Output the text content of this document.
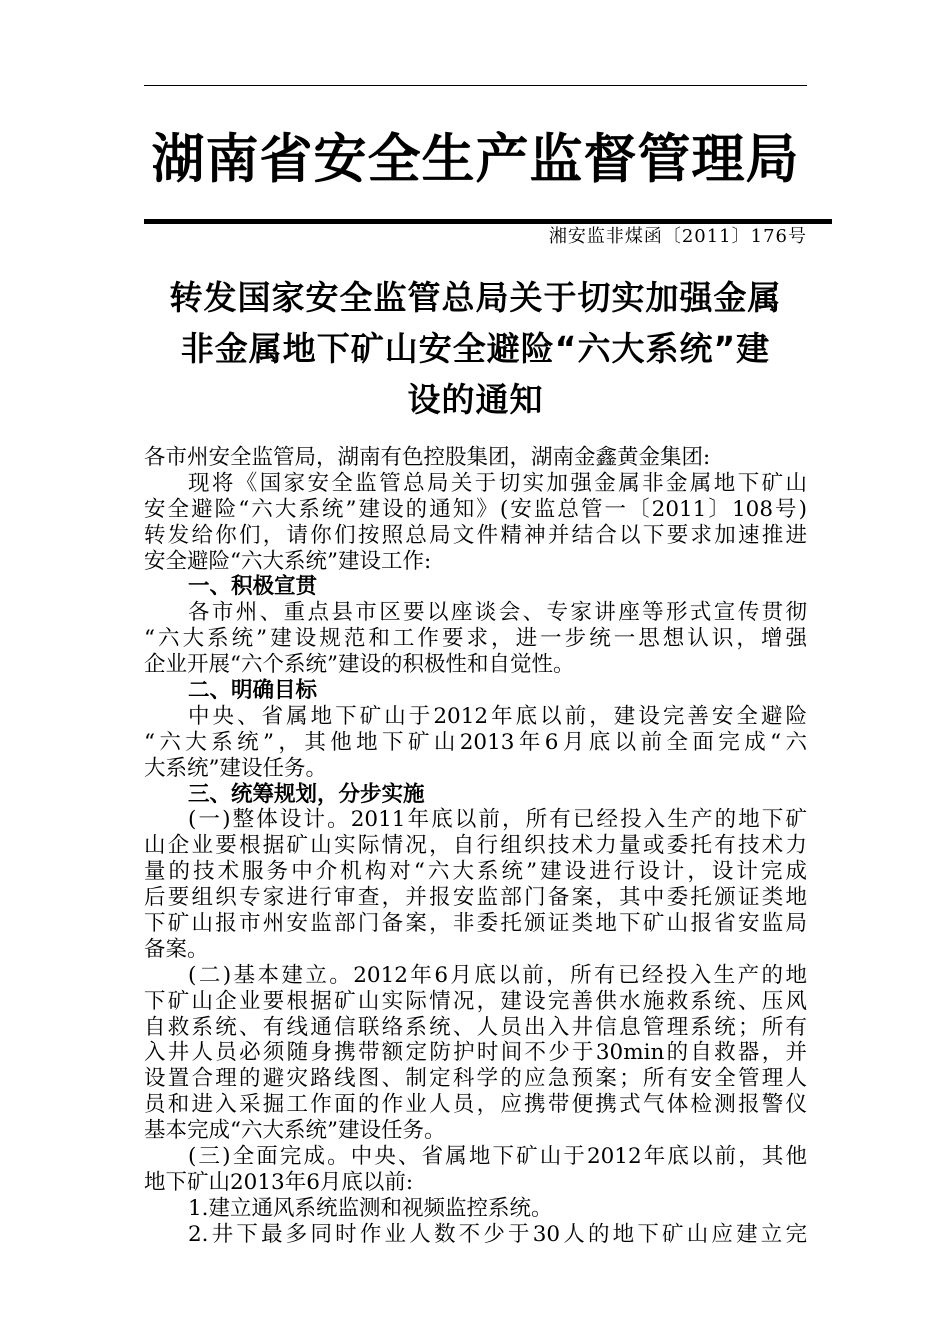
湖南省安全生产监督管理局
湘安监非煤函〔2011〕176号
转发国家安全监管总局关于切实加强金属
非金属地下矿山安全避险“六大系统”建
设的通知
各市州安全监管局，湖南有色控股集团，湖南金鑫黄金集团:
现将《国家安全监管总局关于切实加强金属非金属地下矿山
安全避险“六大系统”建设的通知》(安监总管一〔2011〕108号)
转发给你们，请你们按照总局文件精神并结合以下要求加速推进
安全避险“六大系统”建设工作:
一、积极宣贯
各市州、重点县市区要以座谈会、专家讲座等形式宣传贯彻
“六大系统”建设规范和工作要求，进一步统一思想认识，增强
企业开展“六个系统”建设的积极性和自觉性。
二、明确目标
中央、省属地下矿山于2012年底以前，建设完善安全避险
“六大系统”，其他地下矿山2013年6月底以前全面完成“六
大系统”建设任务。
三、统筹规划，分步实施
(一)整体设计。2011年底以前，所有已经投入生产的地下矿
山企业要根据矿山实际情况，自行组织技术力量或委托有技术力
量的技术服务中介机构对“六大系统”建设进行设计，设计完成
后要组织专家进行审查，并报安监部门备案，其中委托颁证类地
下矿山报市州安监部门备案，非委托颁证类地下矿山报省安监局
备案。
(二)基本建立。2012年6月底以前，所有已经投入生产的地
下矿山企业要根据矿山实际情况，建设完善供水施救系统、压风
自救系统、有线通信联络系统、人员出入井信息管理系统；所有
入井人员必须随身携带额定防护时间不少于30min的自救器，并
设置合理的避灾路线图、制定科学的应急预案；所有安全管理人
员和进入采掘工作面的作业人员，应携带便携式气体检测报警仪
基本完成“六大系统”建设任务。
(三)全面完成。中央、省属地下矿山于2012年底以前，其他
地下矿山2013年6月底以前:
1.建立通风系统监测和视频监控系统。
2.井下最多同时作业人数不少于30人的地下矿山应建立完
